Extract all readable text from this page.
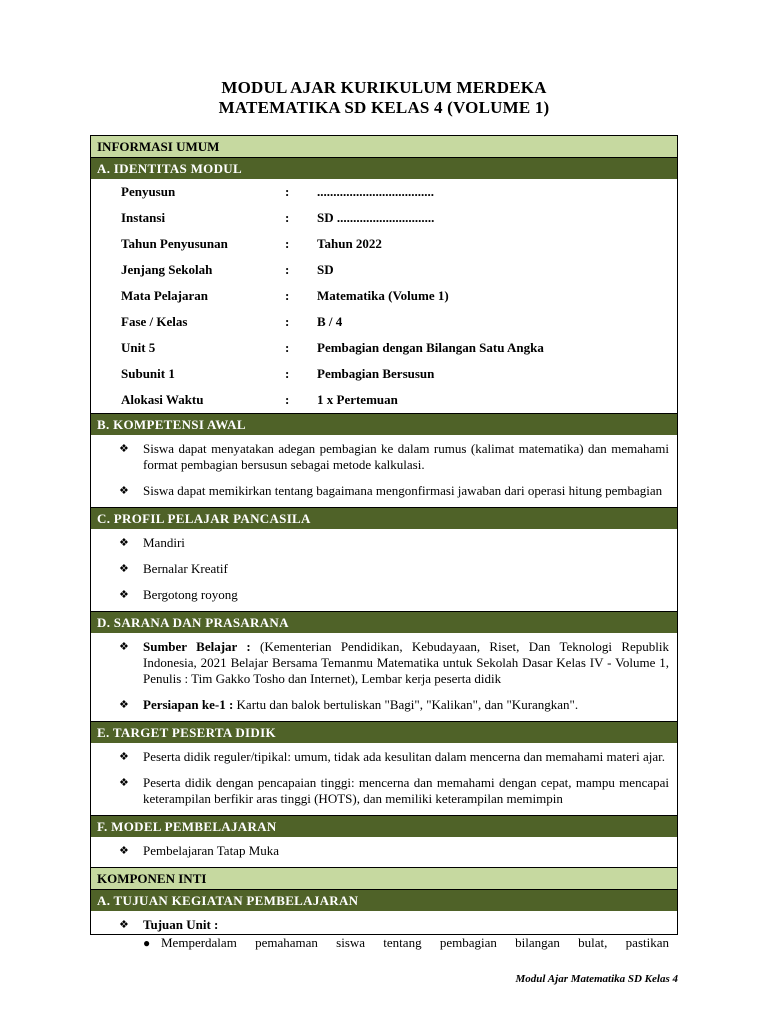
MODUL AJAR KURIKULUM MERDEKA
MATEMATIKA SD KELAS 4 (VOLUME 1)
INFORMASI UMUM
A. IDENTITAS MODUL
Penyusun	:	....................................
Instansi	:	SD ..............................
Tahun Penyusunan	:	Tahun 2022
Jenjang Sekolah	:	SD
Mata Pelajaran	:	Matematika (Volume 1)
Fase / Kelas	:	B / 4
Unit 5	:	Pembagian dengan Bilangan Satu Angka
Subunit 1	:	Pembagian Bersusun
Alokasi Waktu	:	1 x Pertemuan
B. KOMPETENSI AWAL
❖	Siswa dapat menyatakan adegan pembagian ke dalam rumus (kalimat matematika) dan memahami format pembagian bersusun sebagai metode kalkulasi.
❖	Siswa dapat memikirkan tentang bagaimana mengonfirmasi jawaban dari operasi hitung pembagian
C. PROFIL PELAJAR PANCASILA
❖	Mandiri
❖	Bernalar Kreatif
❖	Bergotong royong
D. SARANA DAN PRASARANA
❖	Sumber Belajar : (Kementerian Pendidikan, Kebudayaan, Riset, Dan Teknologi Republik Indonesia, 2021 Belajar Bersama Temanmu Matematika untuk Sekolah Dasar Kelas IV - Volume 1, Penulis : Tim Gakko Tosho dan Internet), Lembar kerja peserta didik
❖	Persiapan ke-1 : Kartu dan balok bertuliskan "Bagi", "Kalikan", dan "Kurangkan".
E. TARGET PESERTA DIDIK
❖	Peserta didik reguler/tipikal: umum, tidak ada kesulitan dalam mencerna dan memahami materi ajar.
❖	Peserta didik dengan pencapaian tinggi: mencerna dan memahami dengan cepat, mampu mencapai keterampilan berfikir aras tinggi (HOTS), dan memiliki keterampilan memimpin
F. MODEL PEMBELAJARAN
❖	Pembelajaran Tatap Muka
KOMPONEN INTI
A. TUJUAN KEGIATAN PEMBELAJARAN
❖	Tujuan Unit :
● Memperdalam pemahaman siswa tentang pembagian bilangan bulat, pastikan
Modul Ajar Matematika SD Kelas 4
